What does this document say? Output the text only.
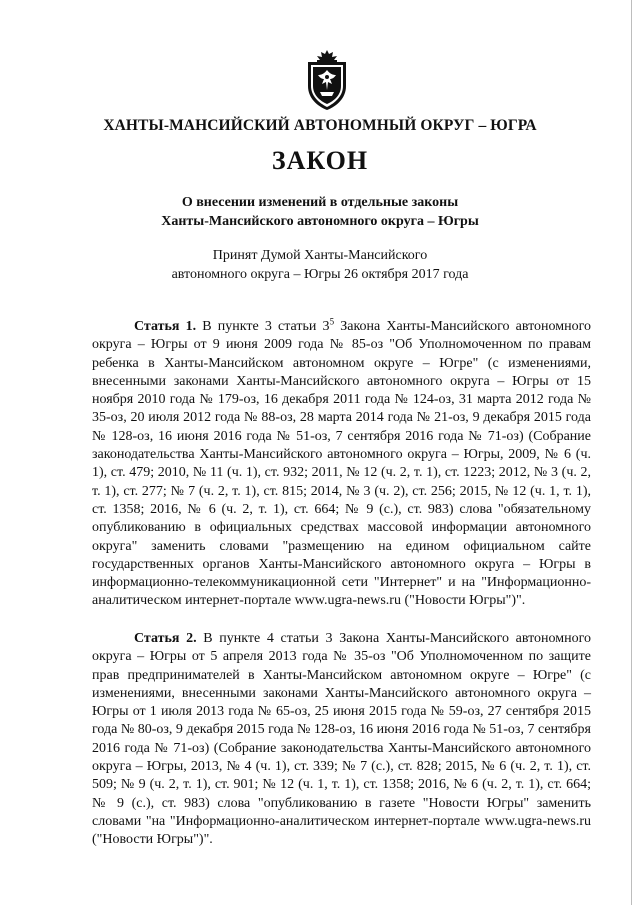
ХАНТЫ-МАНСИЙСКИЙ АВТОНОМНЫЙ ОКРУГ – ЮГРА
ЗАКОН
О внесении изменений в отдельные законы
Ханты-Мансийского автономного округа – Югры
Принят Думой Ханты-Мансийского
автономного округа – Югры 26 октября 2017 года

Статья 1. В пункте 3 статьи $3^5$ Закона Ханты-Мансийского автономного округа – Югры от 9 июня 2009 года № 85-оз "Об Уполномоченном по правам ребенка в Ханты-Мансийском автономном округе – Югре" (с изменениями, внесенными законами Ханты-Мансийского автономного округа – Югры от 15 ноября 2010 года № 179-оз, 16 декабря 2011 года № 124-оз, 31 марта 2012 года № 35-оз, 20 июля 2012 года № 88-оз, 28 марта 2014 года № 21-оз, 9 декабря 2015 года № 128-оз, 16 июня 2016 года № 51-оз, 7 сентября 2016 года № 71-оз) (Собрание законодательства Ханты-Мансийского автономного округа – Югры, 2009, № 6 (ч. 1), ст. 479; 2010, № 11 (ч. 1), ст. 932; 2011, № 12 (ч. 2, т. 1), ст. 1223; 2012, № 3 (ч. 2, т. 1), ст. 277; № 7 (ч. 2, т. 1), ст. 815; 2014, № 3 (ч. 2), ст. 256; 2015, № 12 (ч. 1, т. 1), ст. 1358; 2016, № 6 (ч. 2, т. 1), ст. 664; № 9 (с.), ст. 983) слова "обязательному опубликованию в официальных средствах массовой информации автономного округа" заменить словами "размещению на едином официальном сайте государственных органов Ханты-Мансийского автономного округа – Югры в информационно-телекоммуникационной сети "Интернет" и на "Информационно-аналитическом интернет-портале www.ugra-news.ru ("Новости Югры")".

Статья 2. В пункте 4 статьи 3 Закона Ханты-Мансийского автономного округа – Югры от 5 апреля 2013 года № 35-оз "Об Уполномоченном по защите прав предпринимателей в Ханты-Мансийском автономном округе – Югре" (с изменениями, внесенными законами Ханты-Мансийского автономного округа – Югры от 1 июля 2013 года № 65-оз, 25 июня 2015 года № 59-оз, 27 сентября 2015 года № 80-оз, 9 декабря 2015 года № 128-оз, 16 июня 2016 года № 51-оз, 7 сентября 2016 года № 71-оз) (Собрание законодательства Ханты-Мансийского автономного округа – Югры, 2013, № 4 (ч. 1), ст. 339; № 7 (с.), ст. 828; 2015, № 6 (ч. 2, т. 1), ст. 509; № 9 (ч. 2, т. 1), ст. 901; № 12 (ч. 1, т. 1), ст. 1358; 2016, № 6 (ч. 2, т. 1), ст. 664; № 9 (с.), ст. 983) слова "опубликованию в газете "Новости Югры" заменить словами "на "Информационно-аналитическом интернет-портале www.ugra-news.ru ("Новости Югры")".
